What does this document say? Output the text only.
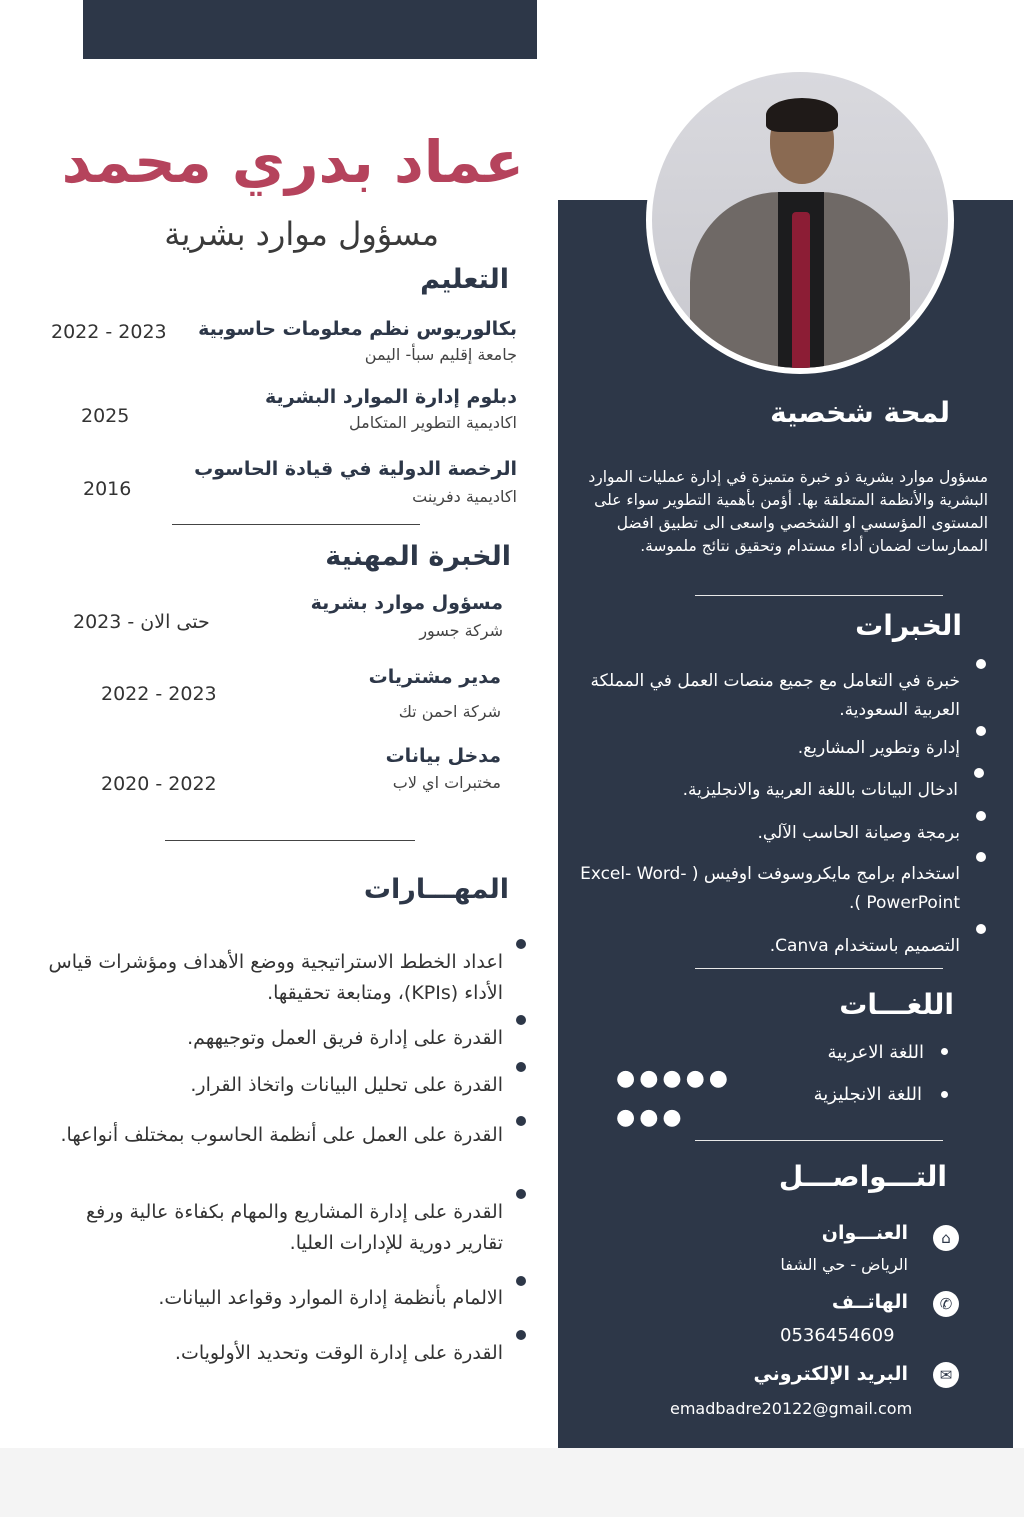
عماد بدري محمد

مسؤول موارد بشرية

التعليم

بكالوريوس نظم معلومات حاسوبية

جامعة إقليم سبأ- اليمن

2022 - 2023

دبلوم إدارة الموارد البشرية

اكاديمية التطوير المتكامل

2025

الرخصة الدولية في قيادة الحاسوب

اكاديمية دفرينت

2016

الخبرة المهنية

مسؤول موارد بشرية

شركة جسور

2023 - حتى الان

مدير مشتريات

شركة احمن تك

2022 - 2023

مدخل بيانات

مختبرات اي لاب

2020 - 2022

المهـــارات

اعداد الخطط الاستراتيجية ووضع الأهداف ومؤشرات قياس الأداء (KPIs)، ومتابعة تحقيقها.

القدرة على إدارة فريق العمل وتوجيههم.

القدرة على تحليل البيانات واتخاذ القرار.

القدرة على العمل على أنظمة الحاسوب بمختلف أنواعها.

القدرة على إدارة المشاريع والمهام بكفاءة عالية ورفع تقارير دورية للإدارات العليا.

الالمام بأنظمة إدارة الموارد وقواعد البيانات.

القدرة على إدارة الوقت وتحديد الأولويات.

لمحة شخصية

مسؤول موارد بشرية ذو خبرة متميزة في إدارة عمليات الموارد البشرية والأنظمة المتعلقة بها. أؤمن بأهمية التطوير سواء على المستوى المؤسسي او الشخصي واسعى الى تطبيق افضل الممارسات لضمان أداء مستدام وتحقيق نتائج ملموسة.

الخبرات

خبرة في التعامل مع جميع منصات العمل في المملكة العربية السعودية.

إدارة وتطوير المشاريع.

ادخال البيانات باللغة العربية والانجليزية.

برمجة وصيانة الحاسب الآلي.

استخدام برامج مايكروسوفت اوفيس ( Excel- Word-PowerPoint ).

التصميم باستخدام Canva.

اللغـــات

اللغة الاعربية

●●●●●

اللغة الانجليزية

●●●

التـــواصـــل

⌂

العنـــوان

الرياض - حي الشفا

✆

الهاتــف

0536454609

✉

البريد الإلكتروني

emadbadre20122@gmail.com
